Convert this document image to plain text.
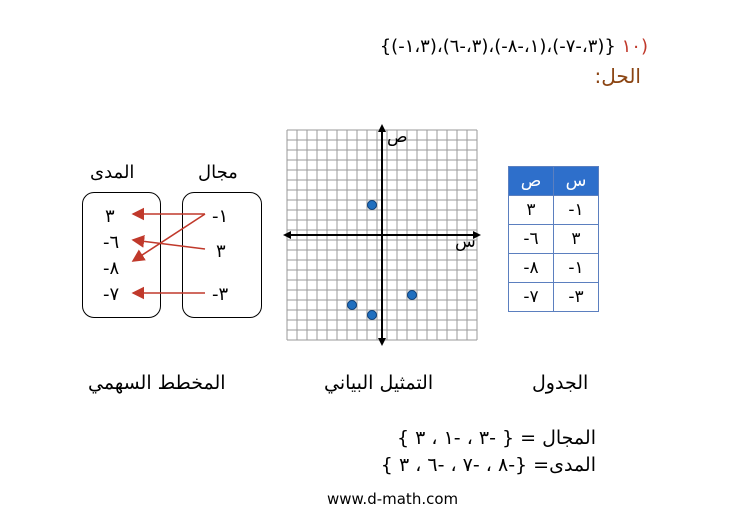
{(-١،٣)،(٣،-٦)،(-١،-٨)،(-٣،-٧)} ١٠)
الحل:
ص	س
٣	-١
-٦	٣
-٨	-١
-٧	-٣
س
ص
المدى	مجال
٣
-٦
-٨
-٧
-١
٣
-٣
الجدول
التمثيل البياني
المخطط السهمي
المجال = { -٣ ، -١ ، ٣ }
المدى= {-٨ ، -٧ ، -٦ ، ٣ }
www.d-math.com
